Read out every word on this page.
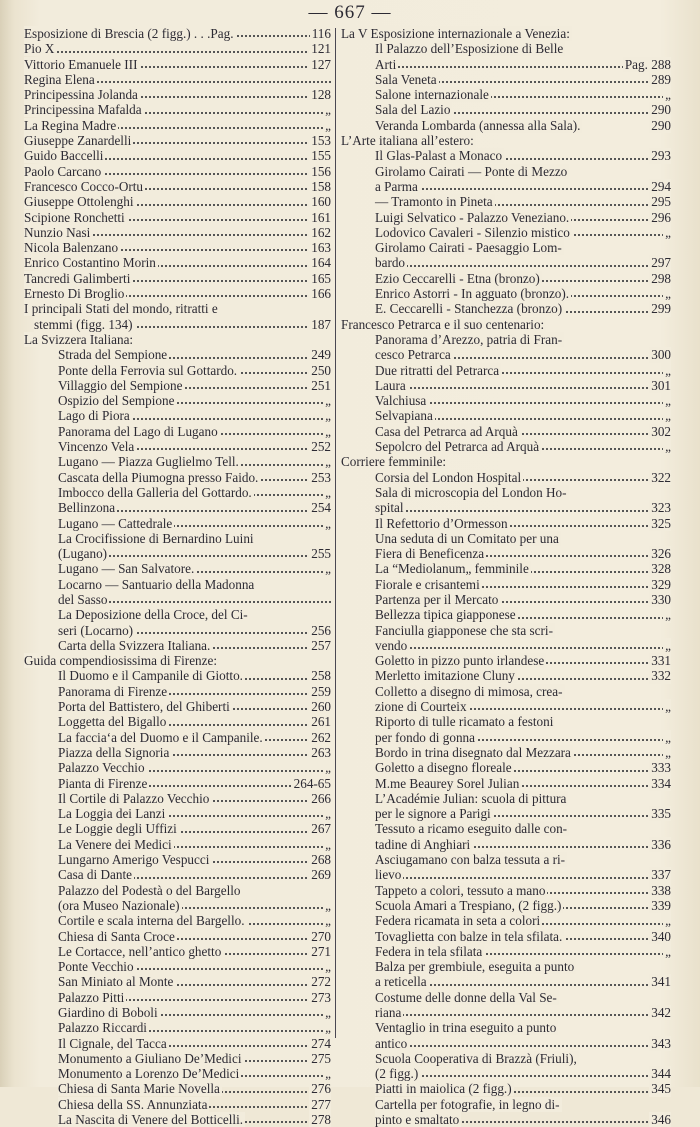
— 667 —
Esposizione di Brescia (2 figg.) . . .Pag.	116
Pio X	121
Vittorio Emanuele III	127
Regina Elena
Principessina Jolanda	128
Principessina Mafalda	„
La Regina Madre	„
Giuseppe Zanardelli	153
Guido Baccelli	155
Paolo Carcano	156
Francesco Cocco-Ortu	158
Giuseppe Ottolenghi	160
Scipione Ronchetti	161
Nunzio Nasi	162
Nicola Balenzano	163
Enrico Costantino Morin	164
Tancredi Galimberti	165
Ernesto Di Broglio	166
I principali Stati del mondo, ritratti e
stemmi (figg. 134)	187
La Svizzera Italiana:
Strada del Sempione	249
Ponte della Ferrovia sul Gottardo.	250
Villaggio del Sempione	251
Ospizio del Sempione	„
Lago di Piora	„
Panorama del Lago di Lugano	„
Vincenzo Vela	252
Lugano — Piazza Guglielmo Tell.	„
Cascata della Piumogna presso Faido.	253
Imbocco della Galleria del Gottardo.	„
Bellinzona	254
Lugano — Cattedrale	„
La Crocifissione di Bernardino Luini
(Lugano)	255
Lugano — San Salvatore.	„
Locarno — Santuario della Madonna
del Sasso
La Deposizione della Croce, del Ci-
seri (Locarno)	256
Carta della Svizzera Italiana.	257
Guida compendiosissima di Firenze:
Il Duomo e il Campanile di Giotto.	258
Panorama di Firenze	259
Porta del Battistero, del Ghiberti	260
Loggetta del Bigallo	261
La faccia‘a del Duomo e il Campanile.	262
Piazza della Signoria	263
Palazzo Vecchio	„
Pianta di Firenze	264-65
Il Cortile di Palazzo Vecchio	266
La Loggia dei Lanzi	„
Le Loggie degli Uffizi	267
La Venere dei Medici	„
Lungarno Amerigo Vespucci	268
Casa di Dante	269
Palazzo del Podestà o del Bargello
(ora Museo Nazionale)	„
Cortile e scala interna del Bargello.	„
Chiesa di Santa Croce	270
Le Cortacce, nell’antico ghetto	271
Ponte Vecchio	„
San Miniato al Monte	272
Palazzo Pitti	273
Giardino di Boboli	„
Palazzo Riccardi	„
Il Cignale, del Tacca	274
Monumento a Giuliano De’Medici	275
Monumento a Lorenzo De’Medici	„
Chiesa di Santa Marie Novella	276
Chiesa della SS. Annunziata	277
La Nascita di Venere del Botticelli.	278
La V Esposizione internazionale a Venezia:
Il Palazzo dell’Esposizione di Belle
Arti	Pag. 288
Sala Veneta	289
Salone internazionale	„
Sala del Lazio	290
Veranda Lombarda (annessa alla Sala).	290
L’Arte italiana all’estero:
Il Glas-Palast a Monaco	293
Girolamo Cairati — Ponte di Mezzo
a Parma	294
— Tramonto in Pineta	295
Luigi Selvatico - Palazzo Veneziano.	296
Lodovico Cavaleri - Silenzio mistico	„
Girolamo Cairati - Paesaggio Lom-
bardo	297
Ezio Ceccarelli - Etna (bronzo)	298
Enrico Astorri - In agguato (bronzo).	„
E. Ceccarelli - Stanchezza (bronzo)	299
Francesco Petrarca e il suo centenario:
Panorama d’Arezzo, patria di Fran-
cesco Petrarca	300
Due ritratti del Petrarca	„
Laura	301
Valchiusa	„
Selvapiana	„
Casa del Petrarca ad Arquà	302
Sepolcro del Petrarca ad Arquà	„
Corriere femminile:
Corsia del London Hospital	322
Sala di microscopia del London Ho-
spital	323
Il Refettorio d’Ormesson	325
Una seduta di un Comitato per una
Fiera di Beneficenza	326
La “Mediolanum„ femminile	328
Fiorale e crisantemi	329
Partenza per il Mercato	330
Bellezza tipica giapponese	„
Fanciulla giapponese che sta scri-
vendo	„
Goletto in pizzo punto irlandese	331
Merletto imitazione Cluny	332
Colletto a disegno di mimosa, crea-
zione di Courteix	„
Riporto di tulle ricamato a festoni
per fondo di gonna	„
Bordo in trina disegnato dal Mezzara	„
Goletto a disegno floreale	333
M.me Beaurey Sorel Julian	334
L’Académie Julian: scuola di pittura
per le signore a Parigi	335
Tessuto a ricamo eseguito dalle con-
tadine di Anghiari	336
Asciugamano con balza tessuta a ri-
lievo	337
Tappeto a colori, tessuto a mano	338
Scuola Amari a Trespiano, (2 figg.)	339
Federa ricamata in seta a colori	„
Tovaglietta con balze in tela sfilata.	340
Federa in tela sfilata	„
Balza per grembiule, eseguita a punto
a reticella	341
Costume delle donne della Val Se-
riana	342
Ventaglio in trina eseguito a punto
antico	343
Scuola Cooperativa di Brazzà (Friuli),
(2 figg.)	344
Piatti in maiolica (2 figg.)	345
Cartella per fotografie, in legno di-
pinto e smaltato	346
